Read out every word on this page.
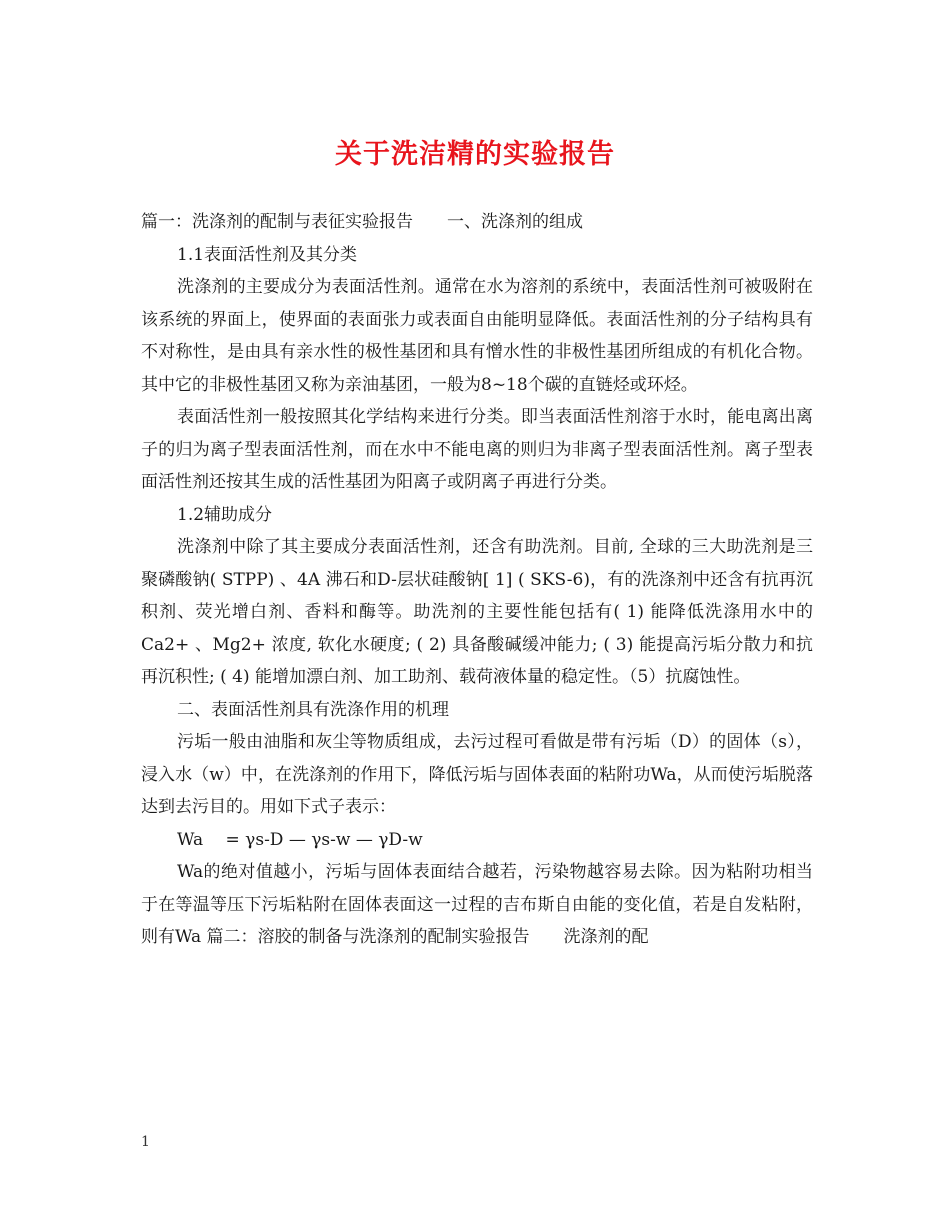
关于洗洁精的实验报告

篇一：洗涤剂的配制与表征实验报告　　一、洗涤剂的组成

1.1表面活性剂及其分类

洗涤剂的主要成分为表面活性剂。通常在水为溶剂的系统中，表面活性剂可被吸附在该系统的界面上，使界面的表面张力或表面自由能明显降低。表面活性剂的分子结构具有不对称性，是由具有亲水性的极性基团和具有憎水性的非极性基团所组成的有机化合物。其中它的非极性基团又称为亲油基团，一般为8~18个碳的直链烃或环烃。

表面活性剂一般按照其化学结构来进行分类。即当表面活性剂溶于水时，能电离出离子的归为离子型表面活性剂，而在水中不能电离的则归为非离子型表面活性剂。离子型表面活性剂还按其生成的活性基团为阳离子或阴离子再进行分类。

1.2辅助成分

洗涤剂中除了其主要成分表面活性剂，还含有助洗剂。目前, 全球的三大助洗剂是三聚磷酸钠( STPP) 、4A 沸石和D-层状硅酸钠[ 1] ( SKS-6)，有的洗涤剂中还含有抗再沉积剂、荧光增白剂、香料和酶等。助洗剂的主要性能包括有( 1) 能降低洗涤用水中的Ca2+ 、Mg2+ 浓度, 软化水硬度; ( 2) 具备酸碱缓冲能力; ( 3) 能提高污垢分散力和抗再沉积性; ( 4) 能增加漂白剂、加工助剂、载荷液体量的稳定性。（5）抗腐蚀性。

二、表面活性剂具有洗涤作用的机理

污垢一般由油脂和灰尘等物质组成，去污过程可看做是带有污垢（D）的固体（s），浸入水（w）中，在洗涤剂的作用下，降低污垢与固体表面的粘附功Wa，从而使污垢脱落达到去污目的。用如下式子表示：

Wa　 = γs-D — γs-w — γD-w

Wa的绝对值越小，污垢与固体表面结合越若，污染物越容易去除。因为粘附功相当于在等温等压下污垢粘附在固体表面这一过程的吉布斯自由能的变化值，若是自发粘附，则有Wa 篇二：溶胶的制备与洗涤剂的配制实验报告　　洗涤剂的配

1
